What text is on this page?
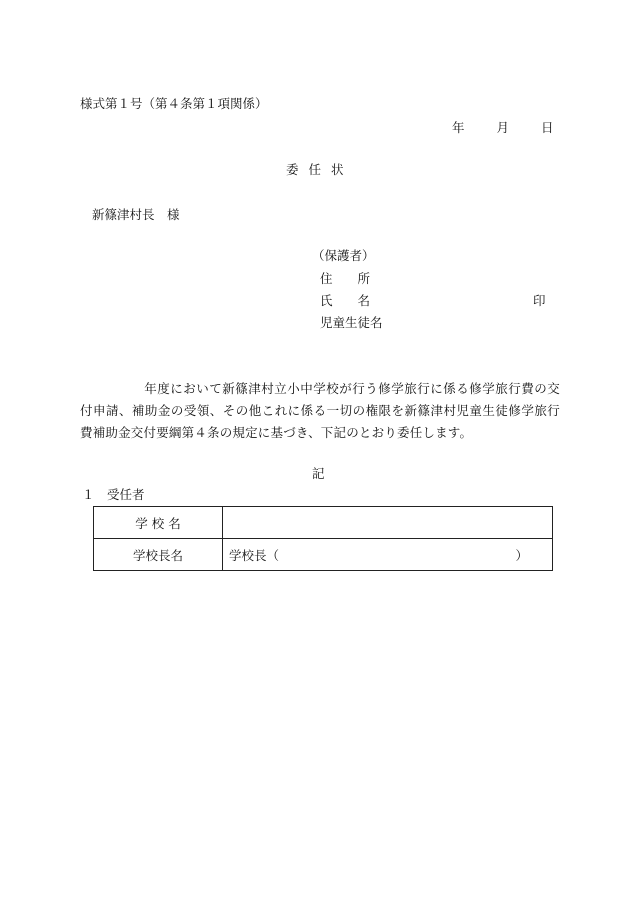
様式第１号（第４条第１項関係）
年	月	日
委任状
新篠津村長　様
（保護者）
住　　所
氏　　名	印
児童生徒名
年度において新篠津村立小中学校が行う修学旅行に係る修学旅行費の交付申請、補助金の受領、その他これに係る一切の権限を新篠津村児童生徒修学旅行費補助金交付要綱第４条の規定に基づき、下記のとおり委任します。
記
１　受任者
学 校 名	
学校長名	学校長（ ）
